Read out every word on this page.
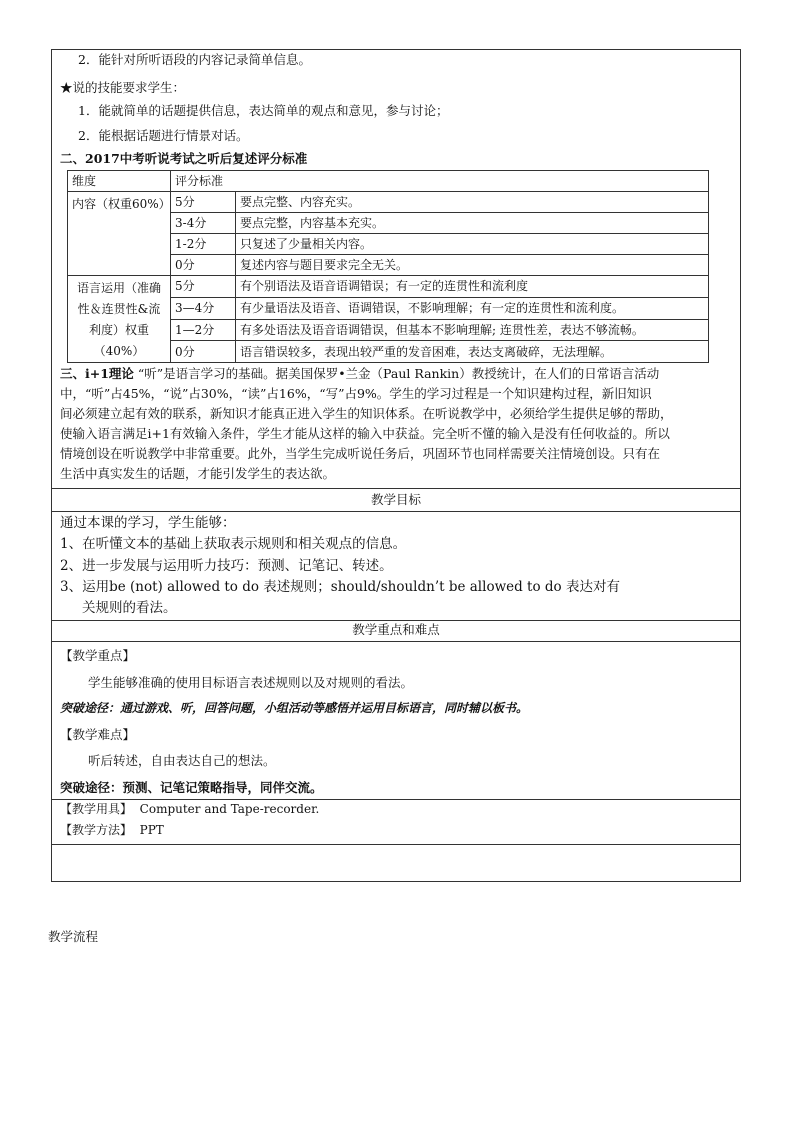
2．能针对所听语段的内容记录简单信息。
★说的技能要求学生：
1．能就简单的话题提供信息，表达简单的观点和意见，参与讨论；
2．能根据话题进行情景对话。
二、2017中考听说考试之听后复述评分标准
维度	评分标准	

内容（权重60%）	5分	要点完整、内容充实。
	3-4分	要点完整，内容基本充实。
	1-2分	只复述了少量相关内容。
	0分	复述内容与题目要求完全无关。

语言运用（准确性＆连贯性&流利度）权重（40%）	5分	有个别语法及语音语调错误；有一定的连贯性和流利度
	3—4分	有少量语法及语音、语调错误，不影响理解；有一定的连贯性和流利度。
	1—2分	有多处语法及语音语调错误，但基本不影响理解; 连贯性差，表达不够流畅。
	0分	语言错误较多，表现出较严重的发音困难，表达支离破碎，无法理解。
三、i+1理论 “听”是语言学习的基础。据美国保罗•兰金（Paul Rankin）教授统计，在人们的日常语言活动
中，“听”占45%，“说”占30%，“读”占16%，“写”占9%。学生的学习过程是一个知识建构过程，新旧知识
间必须建立起有效的联系，新知识才能真正进入学生的知识体系。在听说教学中，必须给学生提供足够的帮助，
使输入语言满足i+1有效输入条件，学生才能从这样的输入中获益。完全听不懂的输入是没有任何收益的。所以
情境创设在听说教学中非常重要。此外，当学生完成听说任务后，巩固环节也同样需要关注情境创设。只有在
生活中真实发生的话题，才能引发学生的表达欲。
教学目标
通过本课的学习，学生能够：
1、在听懂文本的基础上获取表示规则和相关观点的信息。
2、进一步发展与运用听力技巧：预测、记笔记、转述。
3、运用be (not) allowed to do 表述规则；should/shouldn’t be allowed to do 表达对有
关规则的看法。
教学重点和难点
【教学重点】
学生能够准确的使用目标语言表述规则以及对规则的看法。
突破途径：通过游戏、听，回答问题，小组活动等感悟并运用目标语言，同时辅以板书。
【教学难点】
听后转述，自由表达自己的想法。
突破途径：预测、记笔记策略指导，同伴交流。
【教学用具】 Computer and Tape-recorder.
【教学方法】 PPT
教学流程
